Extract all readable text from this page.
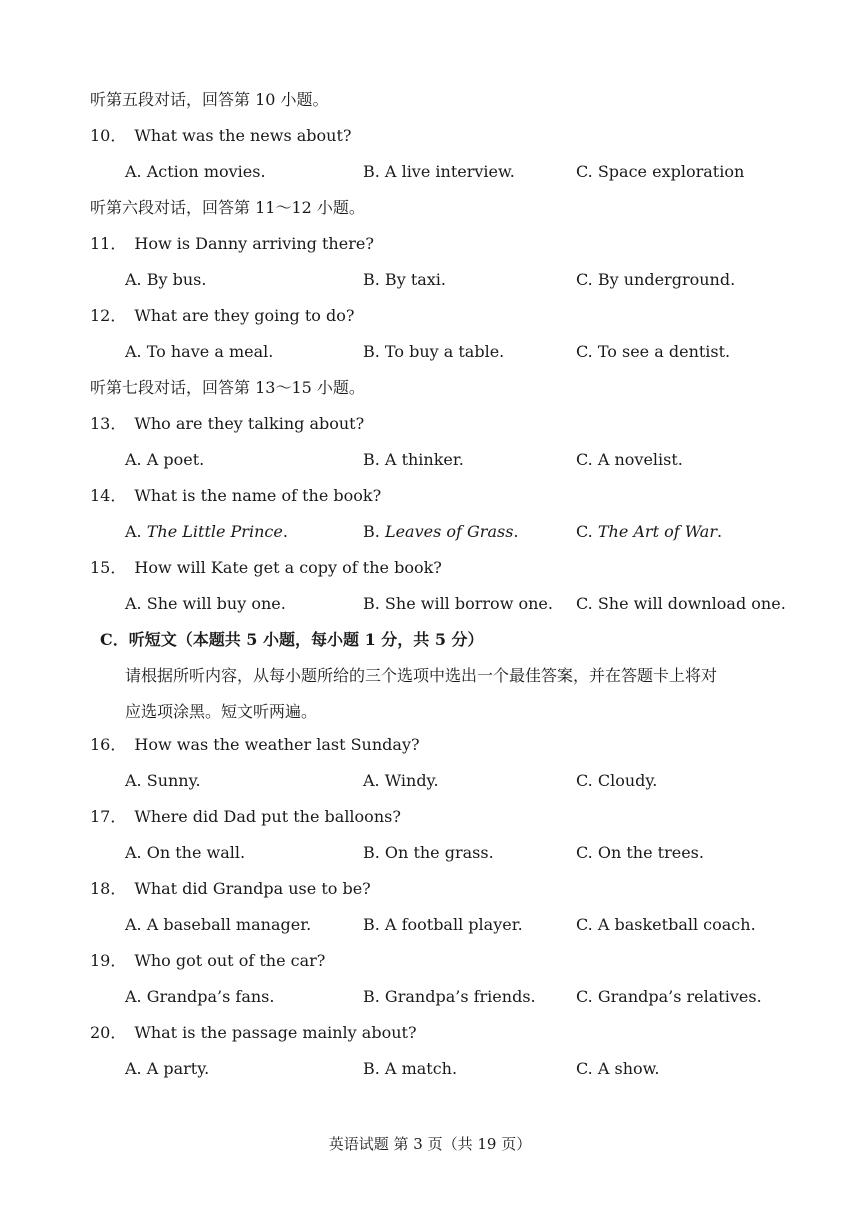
听第五段对话，回答第 10 小题。
10． What was the news about?
A. Action movies.	B. A live interview.	C. Space exploration
听第六段对话，回答第 11～12 小题。
11． How is Danny arriving there?
A. By bus.	B. By taxi.	C. By underground.
12． What are they going to do?
A. To have a meal.	B. To buy a table.	C. To see a dentist.
听第七段对话，回答第 13～15 小题。
13． Who are they talking about?
A. A poet.	B. A thinker.	C. A novelist.
14． What is the name of the book?
A. The Little Prince.	B. Leaves of Grass.	C. The Art of War.
15． How will Kate get a copy of the book?
A. She will buy one.	B. She will borrow one. C. She will download one.
C．听短文（本题共 5 小题，每小题 1 分，共 5 分）
请根据所听内容，从每小题所给的三个选项中选出一个最佳答案，并在答题卡上将对
应选项涂黑。短文听两遍。
16． How was the weather last Sunday?
A. Sunny.	A. Windy.	C. Cloudy.
17． Where did Dad put the balloons?
A. On the wall.	B. On the grass.	C. On the trees.
18． What did Grandpa use to be?
A. A baseball manager.	B. A football player.	C. A basketball coach.
19． Who got out of the car?
A. Grandpa’s fans.	B. Grandpa’s friends.	C. Grandpa’s relatives.
20． What is the passage mainly about?
A. A party.	B. A match.	C. A show.
英语试题 第 3 页（共 19 页）
